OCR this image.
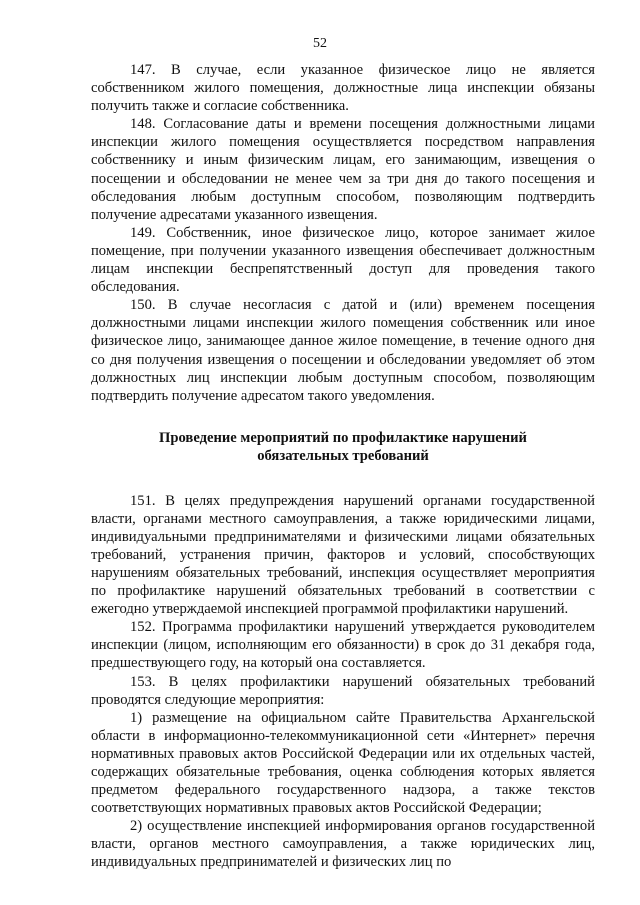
52

147. В случае, если указанное физическое лицо не является собственником жилого помещения, должностные лица инспекции обязаны получить также и согласие собственника.

148. Согласование даты и времени посещения должностными лицами инспекции жилого помещения осуществляется посредством направления собственнику и иным физическим лицам, его занимающим, извещения о посещении и обследовании не менее чем за три дня до такого посещения и обследования любым доступным способом, позволяющим подтвердить получение адресатами указанного извещения.

149. Собственник, иное физическое лицо, которое занимает жилое помещение, при получении указанного извещения обеспечивает должностным лицам инспекции беспрепятственный доступ для проведения такого обследования.

150. В случае несогласия с датой и (или) временем посещения должностными лицами инспекции жилого помещения собственник или иное физическое лицо, занимающее данное жилое помещение, в течение одного дня со дня получения извещения о посещении и обследовании уведомляет об этом должностных лиц инспекции любым доступным способом, позволяющим подтвердить получение адресатом такого уведомления.

Проведение мероприятий по профилактике нарушений
обязательных требований

151. В целях предупреждения нарушений органами государственной власти, органами местного самоуправления, а также юридическими лицами, индивидуальными предпринимателями и физическими лицами обязательных требований, устранения причин, факторов и условий, способствующих нарушениям обязательных требований, инспекция осуществляет мероприятия по профилактике нарушений обязательных требований в соответствии с ежегодно утверждаемой инспекцией программой профилактики нарушений.

152. Программа профилактики нарушений утверждается руководителем инспекции (лицом, исполняющим его обязанности) в срок до 31 декабря года, предшествующего году, на который она составляется.

153. В целях профилактики нарушений обязательных требований проводятся следующие мероприятия:

1) размещение на официальном сайте Правительства Архангельской области в информационно-телекоммуникационной сети «Интернет» перечня нормативных правовых актов Российской Федерации или их отдельных частей, содержащих обязательные требования, оценка соблюдения которых является предметом федерального государственного надзора, а также текстов соответствующих нормативных правовых актов Российской Федерации;

2) осуществление инспекцией информирования органов государственной власти, органов местного самоуправления, а также юридических лиц, индивидуальных предпринимателей и физических лиц по
